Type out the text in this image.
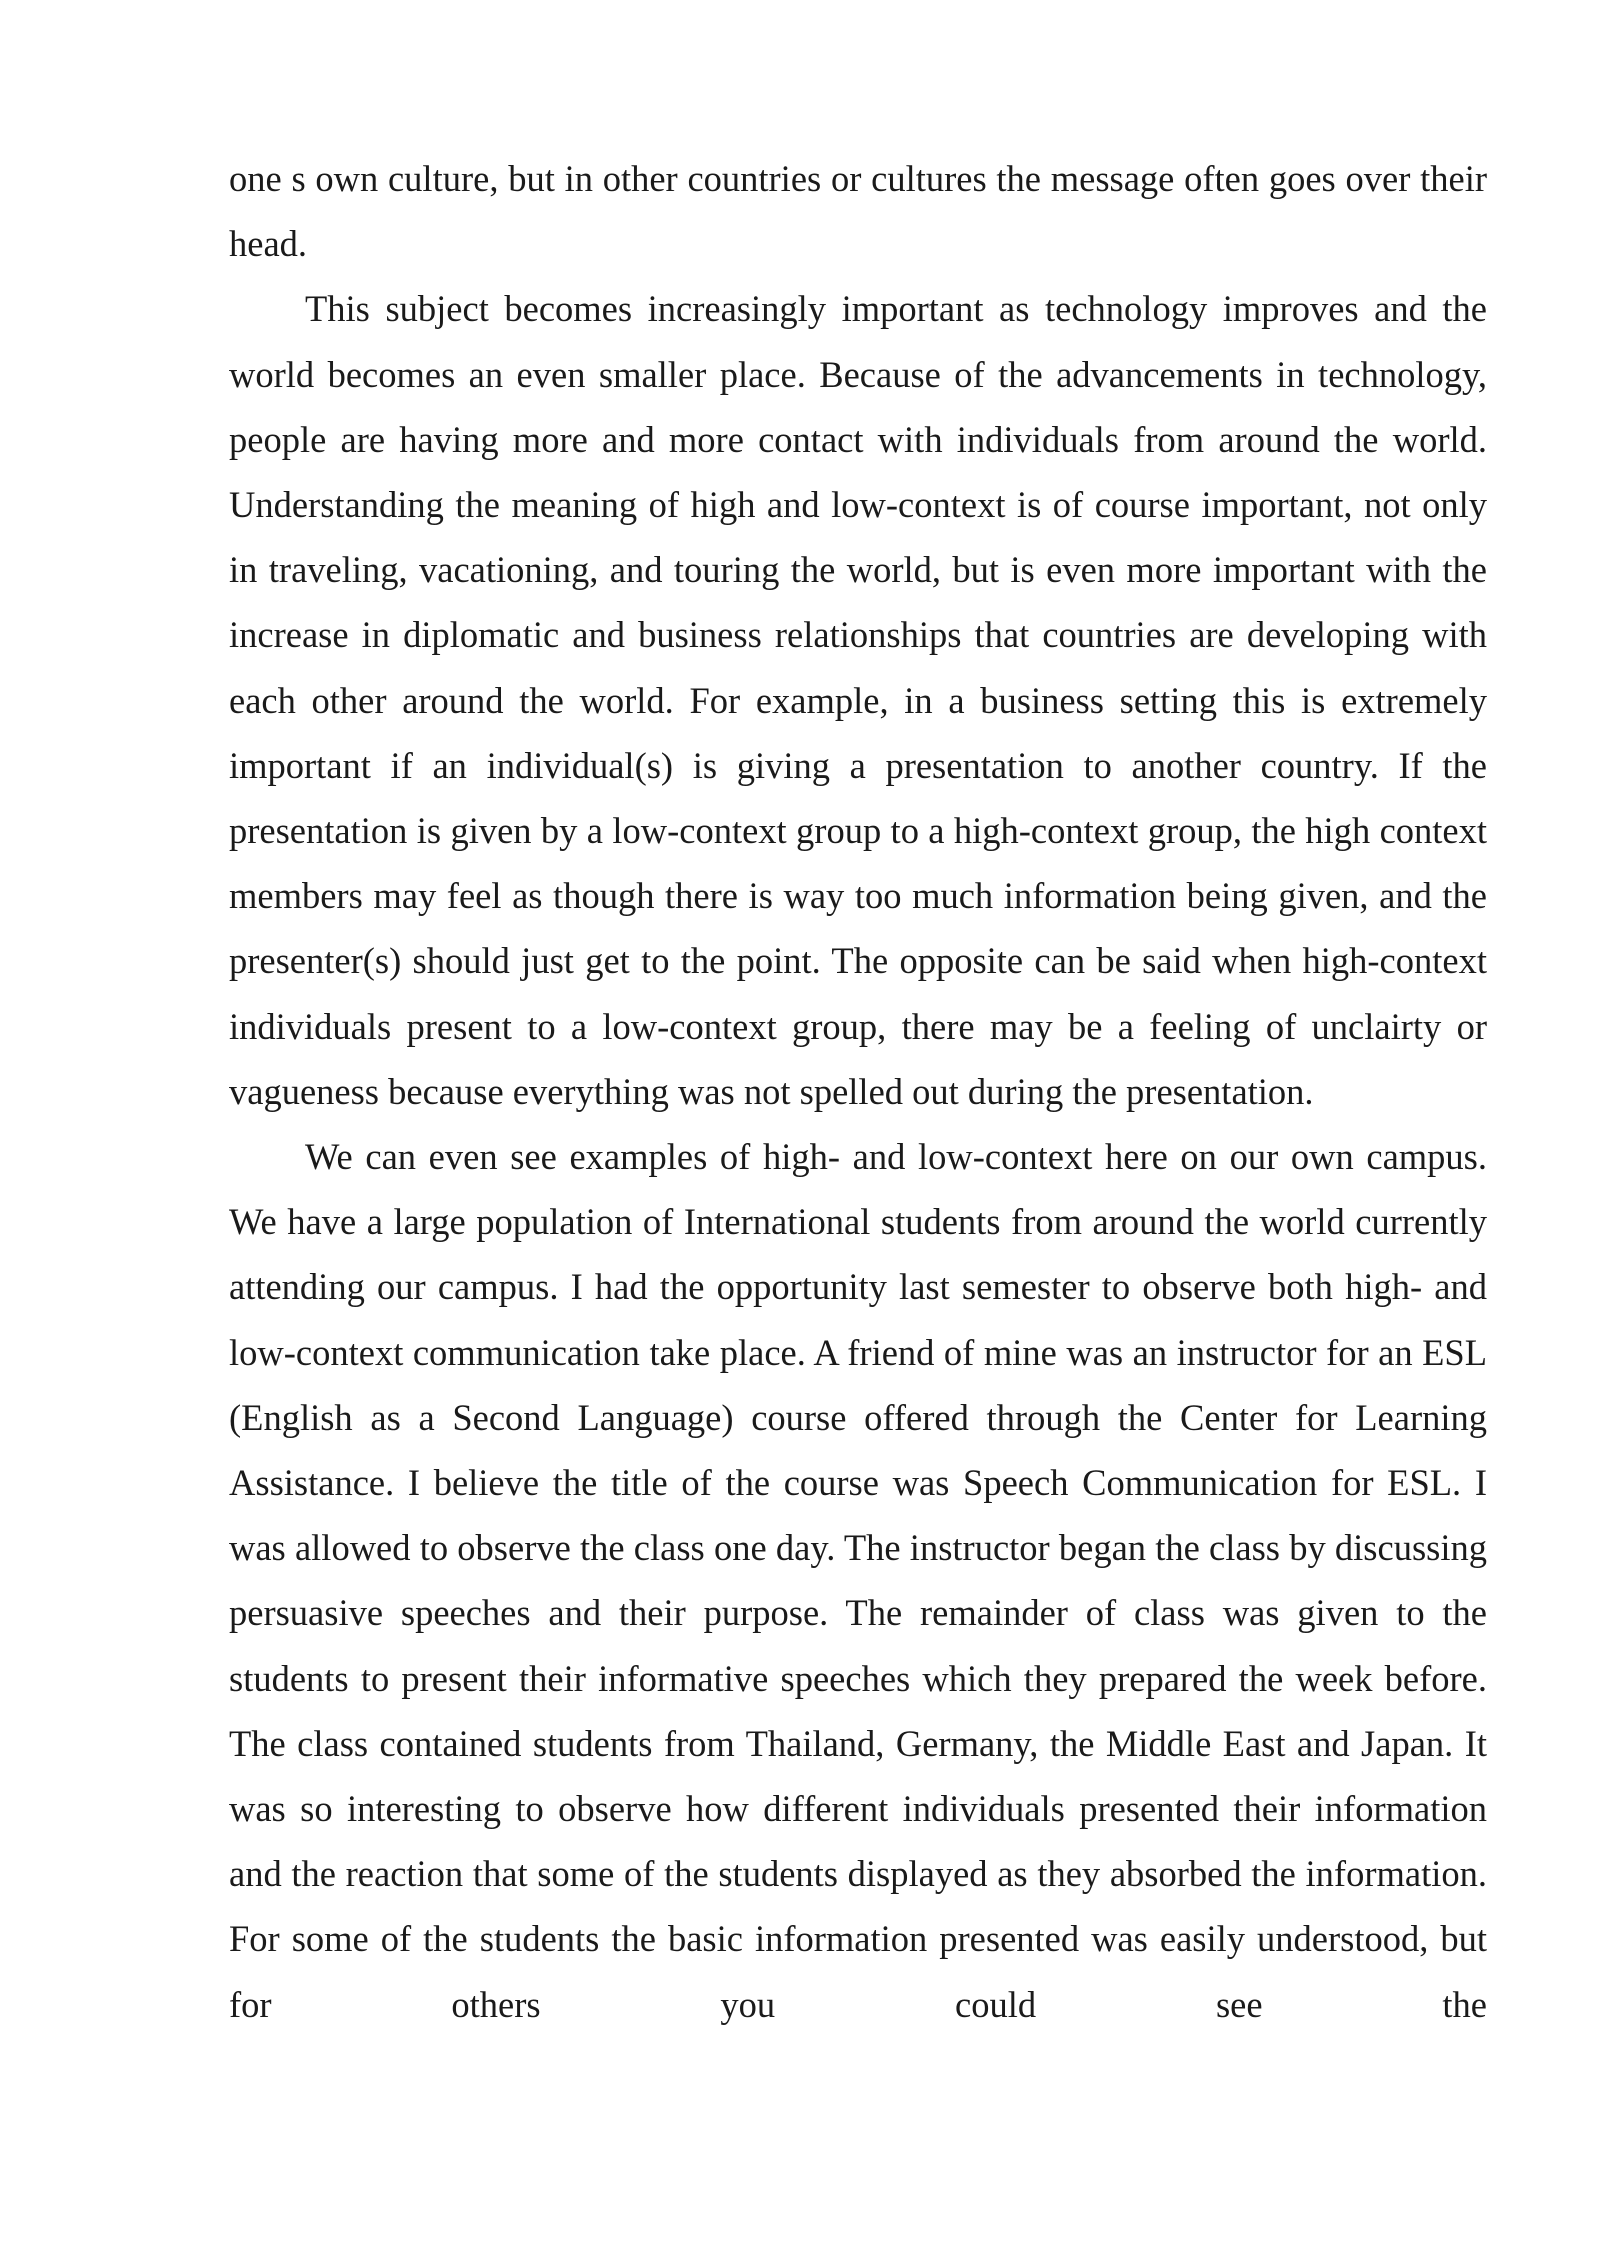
one s own culture, but in other countries or cultures the message often goes over their head.

This subject becomes increasingly important as technology improves and the world becomes an even smaller place. Because of the advancements in technology, people are having more and more contact with individuals from around the world. Understanding the meaning of high and low-context is of course important, not only in traveling, vacationing, and touring the world, but is even more important with the increase in diplomatic and business relationships that countries are developing with each other around the world. For example, in a business setting this is extremely important if an individual(s) is giving a presentation to another country. If the presentation is given by a low-context group to a high-context group, the high context members may feel as though there is way too much information being given, and the presenter(s) should just get to the point. The opposite can be said when high-context individuals present to a low-context group, there may be a feeling of unclairty or vagueness because everything was not spelled out during the presentation.

We can even see examples of high- and low-context here on our own campus. We have a large population of International students from around the world currently attending our campus. I had the opportunity last semester to observe both high- and low-context communication take place. A friend of mine was an instructor for an ESL (English as a Second Language) course offered through the Center for Learning Assistance. I believe the title of the course was Speech Communication for ESL. I was allowed to observe the class one day. The instructor began the class by discussing persuasive speeches and their purpose. The remainder of class was given to the students to present their informative speeches which they prepared the week before. The class contained students from Thailand, Germany, the Middle East and Japan. It was so interesting to observe how different individuals presented their information and the reaction that some of the students displayed as they absorbed the information. For some of the students the basic information presented was easily understood, but for others you could see the
